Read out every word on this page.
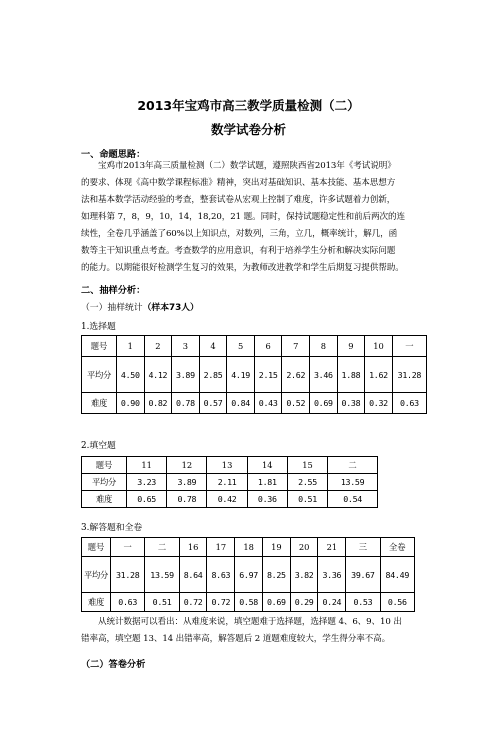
2013年宝鸡市高三教学质量检测（二）
数学试卷分析
一、命题思路：
宝鸡市2013年高三质量检测（二）数学试题，遵照陕西省2013年《考试说明》
的要求、体现《高中数学课程标准》精神，突出对基础知识、基本技能、基本思想方
法和基本数学活动经验的考查，整套试卷从宏观上控制了难度，许多试题着力创新，
如理科第 7，8，9，10，14，18,20，21 题。同时，保持试题稳定性和前后两次的连
续性，全卷几乎涵盖了60%以上知识点，对数列，三角，立几，概率统计，解几，函
数等主干知识重点考查。考查数学的应用意识，有利于培养学生分析和解决实际问题
的能力。以期能很好检测学生复习的效果，为教师改进教学和学生后期复习提供帮助。
二、抽样分析：
（一）抽样统计（样本73人）
1.选择题
题号	1	2	3	4	5	6	7	8	9	10	一
平均分	4.50	4.12	3.89	2.85	4.19	2.15	2.62	3.46	1.88	1.62	31.28
难度	0.90	0.82	0.78	0.57	0.84	0.43	0.52	0.69	0.38	0.32	0.63
2.填空题
题号	11	12	13	14	15	二
平均分	3.23	3.89	2.11	1.81	2.55	13.59
难度	0.65	0.78	0.42	0.36	0.51	0.54
3.解答题和全卷
题号	一	二	16	17	18	19	20	21	三	全卷
平均分	31.28	13.59	8.64	8.63	6.97	8.25	3.82	3.36	39.67	84.49
难度	0.63	0.51	0.72	0.72	0.58	0.69	0.29	0.24	0.53	0.56
从统计数据可以看出：从难度来说，填空题难于选择题，选择题 4、6、9、10 出
错率高，填空题 13、14 出错率高，解答题后 2 道题难度较大，学生得分率不高。
（二）答卷分析
